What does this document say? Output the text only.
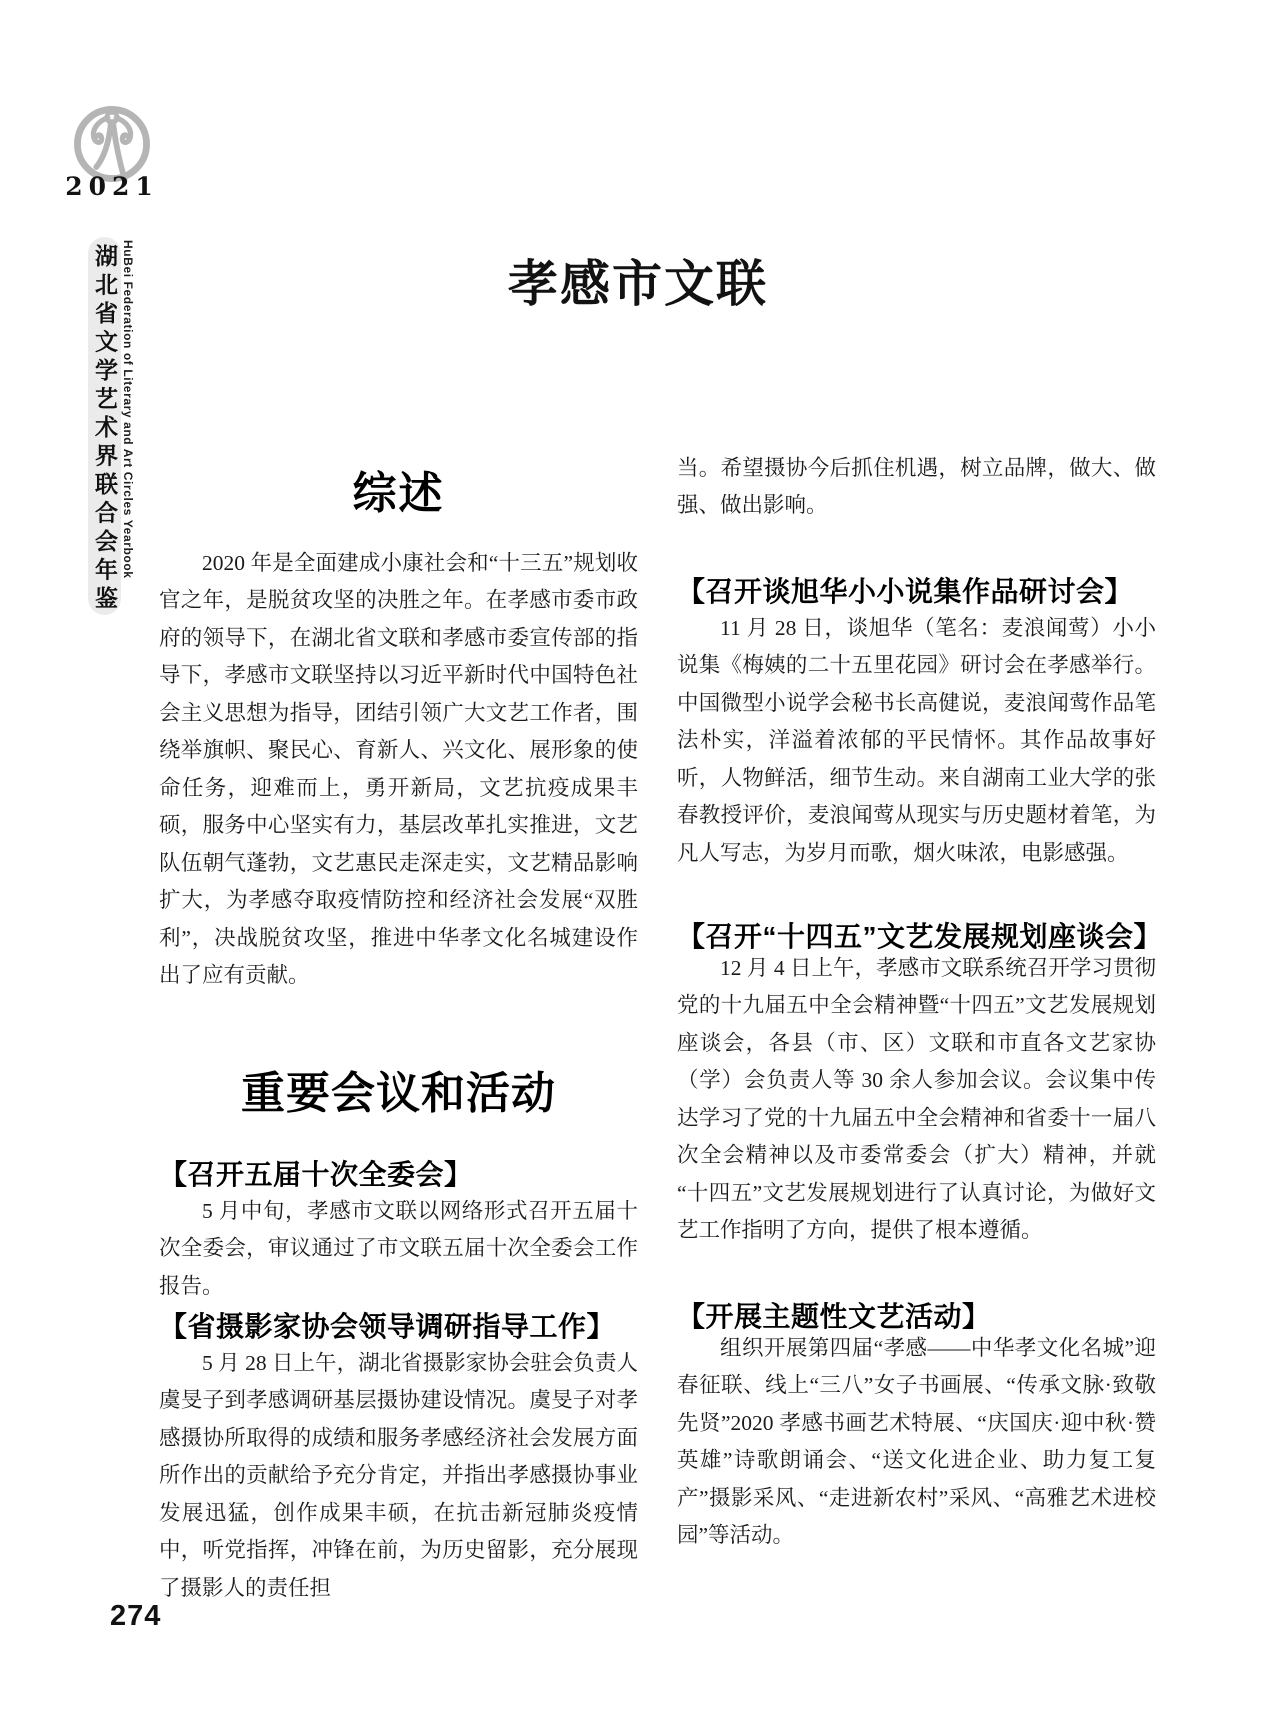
2021
湖北省文学艺术界联合会年鉴 HuBei Federation of Literary and Art Circles Yearbook	孝感市文联
综述
2020 年是全面建成小康社会和“十三五”规划收官之年，是脱贫攻坚的决胜之年。在孝感市委市政府的领导下，在湖北省文联和孝感市委宣传部的指导下，孝感市文联坚持以习近平新时代中国特色社会主义思想为指导，团结引领广大文艺工作者，围绕举旗帜、聚民心、育新人、兴文化、展形象的使命任务，迎难而上，勇开新局，文艺抗疫成果丰硕，服务中心坚实有力，基层改革扎实推进，文艺队伍朝气蓬勃，文艺惠民走深走实，文艺精品影响扩大，为孝感夺取疫情防控和经济社会发展“双胜利”，决战脱贫攻坚，推进中华孝文化名城建设作出了应有贡献。
重要会议和活动
【召开五届十次全委会】
5 月中旬，孝感市文联以网络形式召开五届十次全委会，审议通过了市文联五届十次全委会工作报告。
【省摄影家协会领导调研指导工作】
5 月 28 日上午，湖北省摄影家协会驻会负责人虞旻子到孝感调研基层摄协建设情况。虞旻子对孝感摄协所取得的成绩和服务孝感经济社会发展方面所作出的贡献给予充分肯定，并指出孝感摄协事业发展迅猛，创作成果丰硕，在抗击新冠肺炎疫情中，听党指挥，冲锋在前，为历史留影，充分展现了摄影人的责任担
当。希望摄协今后抓住机遇，树立品牌，做大、做强、做出影响。
【召开谈旭华小小说集作品研讨会】
11 月 28 日，谈旭华（笔名：麦浪闻莺）小小说集《梅姨的二十五里花园》研讨会在孝感举行。中国微型小说学会秘书长高健说，麦浪闻莺作品笔法朴实，洋溢着浓郁的平民情怀。其作品故事好听，人物鲜活，细节生动。来自湖南工业大学的张春教授评价，麦浪闻莺从现实与历史题材着笔，为凡人写志，为岁月而歌，烟火味浓，电影感强。
【召开“十四五”文艺发展规划座谈会】
12 月 4 日上午，孝感市文联系统召开学习贯彻党的十九届五中全会精神暨“十四五”文艺发展规划座谈会，各县（市、区）文联和市直各文艺家协（学）会负责人等 30 余人参加会议。会议集中传达学习了党的十九届五中全会精神和省委十一届八次全会精神以及市委常委会（扩大）精神，并就“十四五”文艺发展规划进行了认真讨论，为做好文艺工作指明了方向，提供了根本遵循。
【开展主题性文艺活动】
组织开展第四届“孝感——中华孝文化名城”迎春征联、线上“三八”女子书画展、“传承文脉·致敬先贤”2020 孝感书画艺术特展、“庆国庆·迎中秋·赞英雄”诗歌朗诵会、“送文化进企业、助力复工复产”摄影采风、“走进新农村”采风、“高雅艺术进校园”等活动。
274
